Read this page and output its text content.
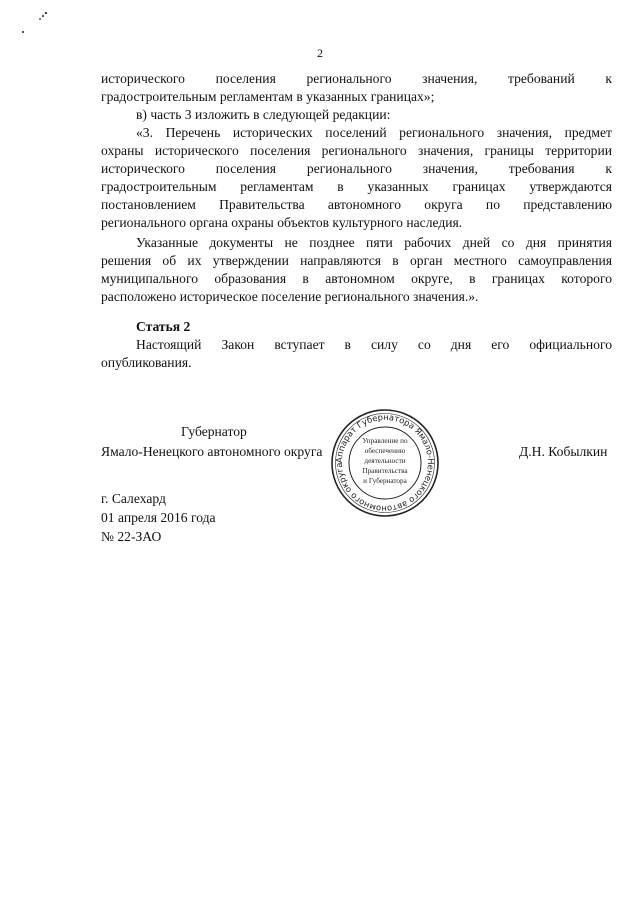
2
исторического поселения регионального значения, требований к
градостроительным регламентам в указанных границах»;
в) часть 3 изложить в следующей редакции:
«3. Перечень исторических поселений регионального значения, предмет
охраны исторического поселения регионального значения, границы территории
исторического поселения регионального значения, требования к
градостроительным регламентам в указанных границах утверждаются
постановлением Правительства автономного округа по представлению
регионального органа охраны объектов культурного наследия.
Указанные документы не позднее пяти рабочих дней со дня принятия
решения об их утверждении направляются в орган местного самоуправления
муниципального образования в автономном округе, в границах которого
расположено историческое поселение регионального значения.».
Статья 2
Настоящий Закон вступает в силу со дня его официального
опубликования.
Губернатор
Ямало-Ненецкого автономного округа	Д.Н. Кобылкин
Аппарат Губернатора Ямало-Ненецкого автономного округа
Управление по
обеспечению
деятельности
Правительства
и Губернатора
г. Салехард
01 апреля 2016 года
№ 22-ЗАО
